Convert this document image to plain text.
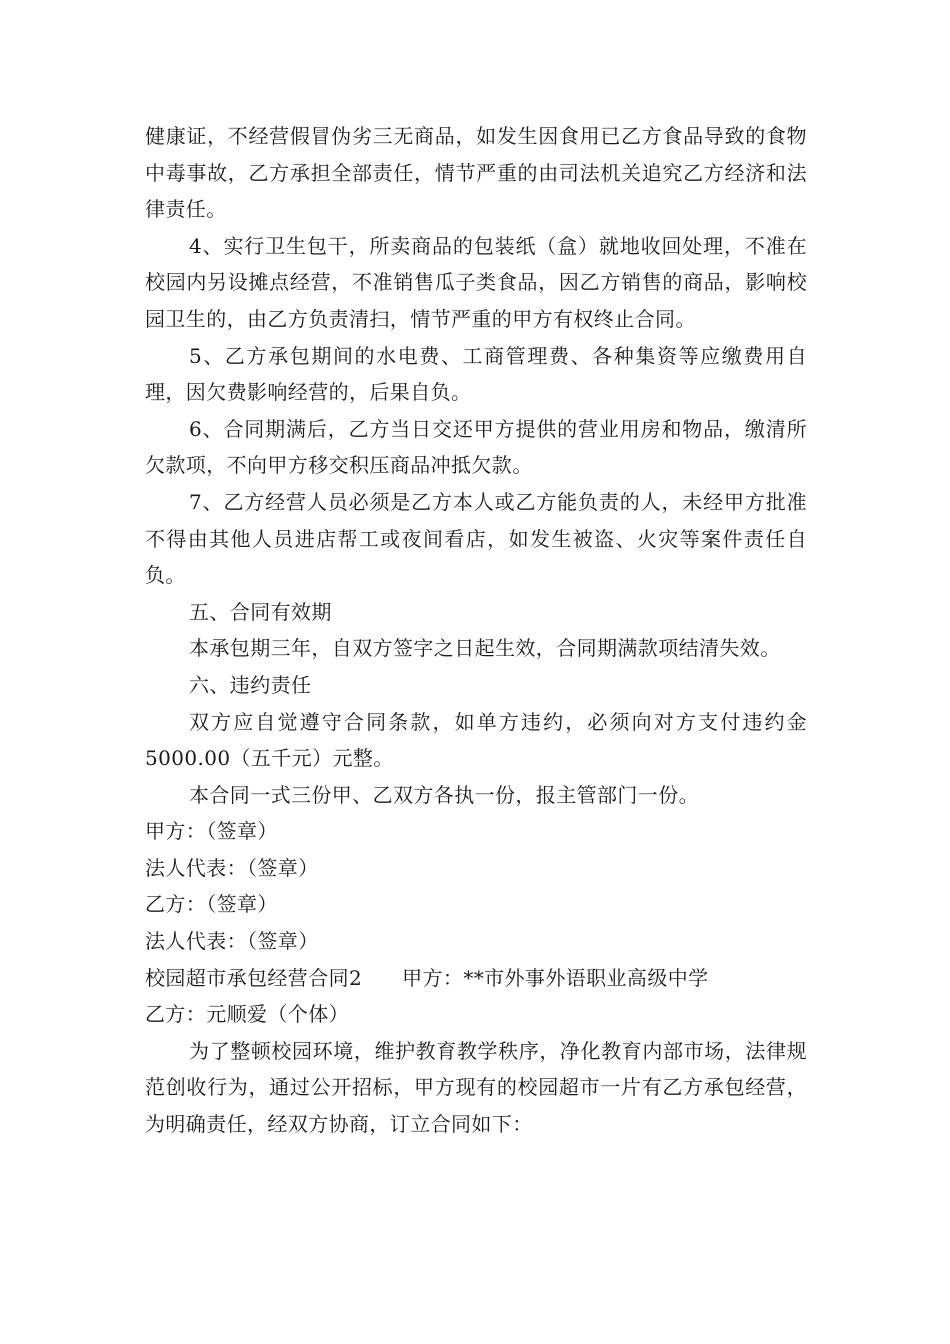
健康证，不经营假冒伪劣三无商品，如发生因食用已乙方食品导致的食物中毒事故，乙方承担全部责任，情节严重的由司法机关追究乙方经济和法律责任。

4、实行卫生包干，所卖商品的包装纸（盒）就地收回处理，不准在校园内另设摊点经营，不准销售瓜子类食品，因乙方销售的商品，影响校园卫生的，由乙方负责清扫，情节严重的甲方有权终止合同。

5、乙方承包期间的水电费、工商管理费、各种集资等应缴费用自理，因欠费影响经营的，后果自负。

6、合同期满后，乙方当日交还甲方提供的营业用房和物品，缴清所欠款项，不向甲方移交积压商品冲抵欠款。

7、乙方经营人员必须是乙方本人或乙方能负责的人，未经甲方批准不得由其他人员进店帮工或夜间看店，如发生被盗、火灾等案件责任自负。

五、合同有效期

本承包期三年，自双方签字之日起生效，合同期满款项结清失效。

六、违约责任

双方应自觉遵守合同条款，如单方违约，必须向对方支付违约金5000.00（五千元）元整。

本合同一式三份甲、乙双方各执一份，报主管部门一份。

甲方：（签章）

法人代表：（签章）

乙方：（签章）

法人代表：（签章）

校园超市承包经营合同2 甲方：**市外事外语职业高级中学

乙方：元顺爱（个体）

为了整顿校园环境，维护教育教学秩序，净化教育内部市场，法律规范创收行为，通过公开招标，甲方现有的校园超市一片有乙方承包经营，为明确责任，经双方协商，订立合同如下：
